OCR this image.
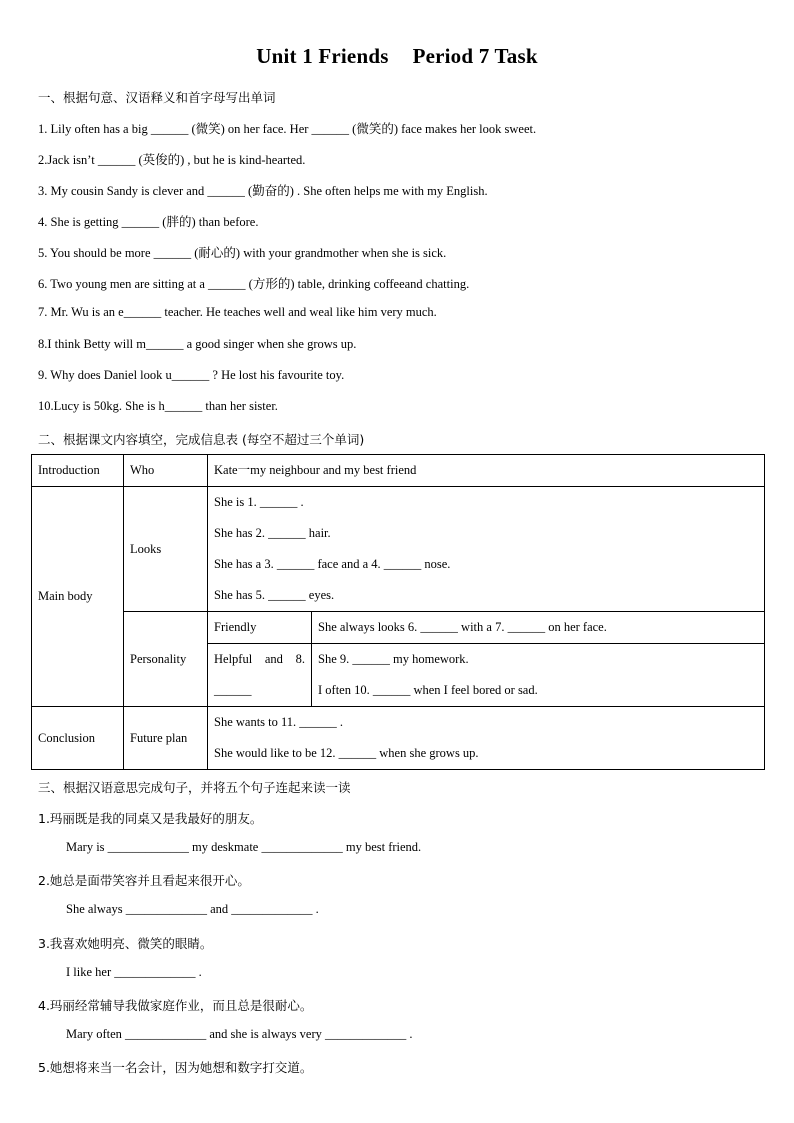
Unit 1 Friends Period 7 Task
一、根据句意、汉语释义和首字母写出单词
1. Lily often has a big ______ (微笑) on her face. Her ______ (微笑的) face makes her look sweet.
2.Jack isn’t ______ (英俊的) , but he is kind-hearted.
3. My cousin Sandy is clever and ______ (勤奋的) . She often helps me with my English.
4. She is getting ______ (胖的) than before.
5. You should be more ______ (耐心的) with your grandmother when she is sick.
6. Two young men are sitting at a ______ (方形的) table, drinking coffeeand chatting.
7. Mr. Wu is an e______ teacher. He teaches well and weal like him very much.
8.I think Betty will m______ a good singer when she grows up.
9. Why does Daniel look u______ ? He lost his favourite toy.
10.Lucy is 50kg. She is h______ than her sister.
二、根据课文内容填空，完成信息表 (每空不超过三个单词)
Introduction	Who	Kate一my neighbour and my best friend	
Main body	Looks	She is 1. ______ .
She has 2. ______ hair.
She has a 3. ______ face and a 4. ______ nose.
She has 5. ______ eyes.	

	Personality	Friendly	She always looks 6. ______ with a 7. ______ on her face.

		Helpful and 8.
______	She 9. ______ my homework.
I often 10. ______ when I feel bored or sad.

Conclusion	Future plan	She wants to 11. ______ .
She would like to be 12. ______ when she grows up.	
三、根据汉语意思完成句子，并将五个句子连起来读一读
1.玛丽既是我的同桌又是我最好的朋友。
Mary is _____________ my deskmate _____________ my best friend.
2.她总是面带笑容并且看起来很开心。
She always _____________ and _____________ .
3.我喜欢她明亮、微笑的眼睛。
I like her _____________ .
4.玛丽经常辅导我做家庭作业，而且总是很耐心。
Mary often _____________ and she is always very _____________ .
5.她想将来当一名会计，因为她想和数字打交道。
